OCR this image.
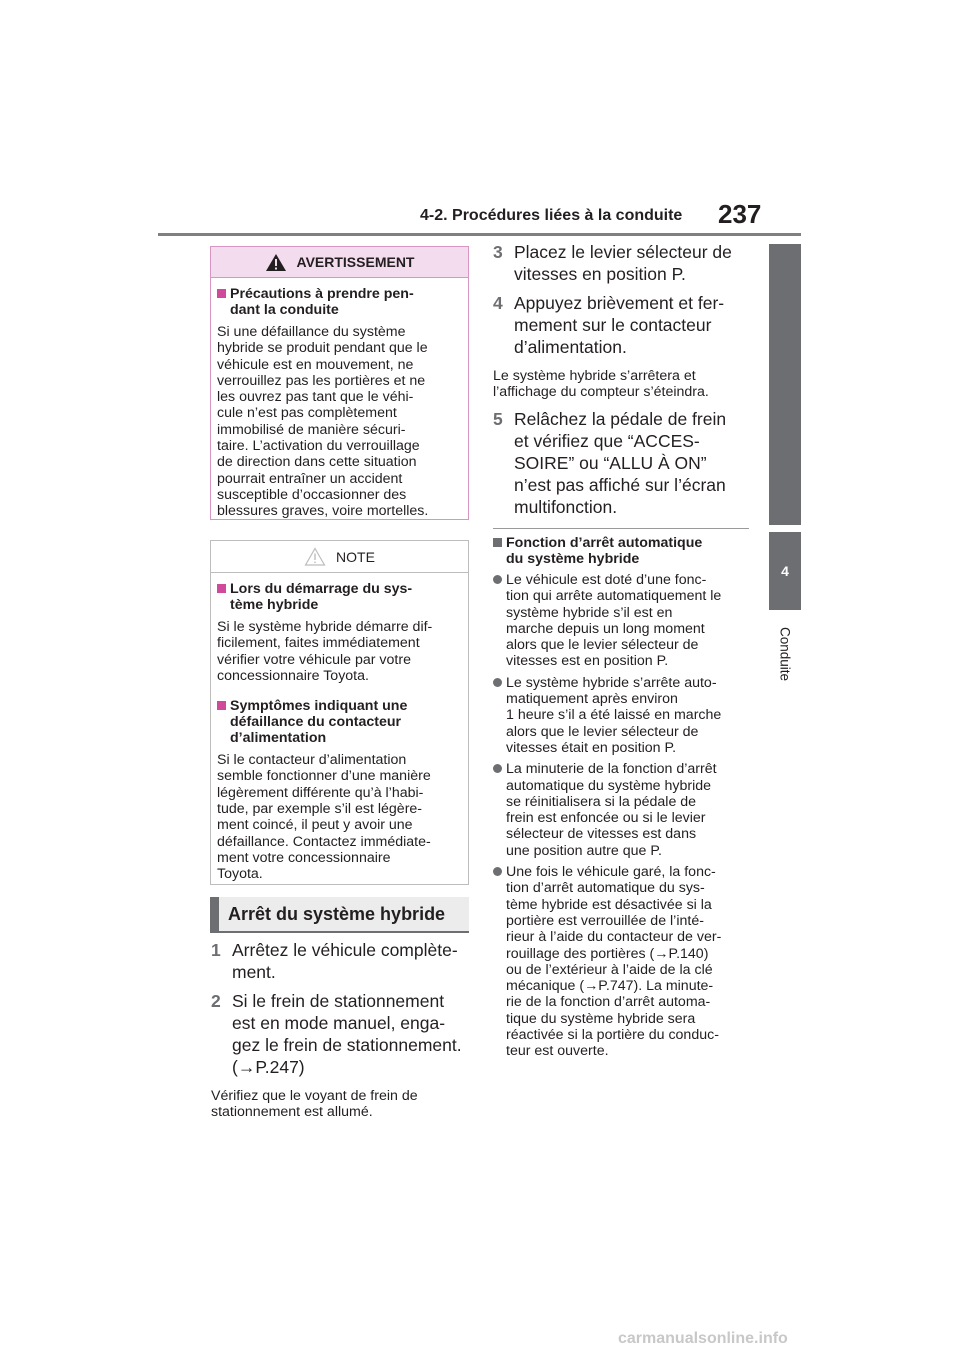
4-2. Procédures liées à la conduite 237
4
Conduite
AVERTISSEMENT
Précautions à prendre pen-
dant la conduite
Si une défaillance du système
hybride se produit pendant que le
véhicule est en mouvement, ne
verrouillez pas les portières et ne
les ouvrez pas tant que le véhi-
cule n’est pas complètement
immobilisé de manière sécuri-
taire. L’activation du verrouillage
de direction dans cette situation
pourrait entraîner un accident
susceptible d’occasionner des
blessures graves, voire mortelles.
NOTE
Lors du démarrage du sys-
tème hybride
Si le système hybride démarre dif-
ficilement, faites immédiatement
vérifier votre véhicule par votre
concessionnaire Toyota.
Symptômes indiquant une
défaillance du contacteur
d’alimentation
Si le contacteur d’alimentation
semble fonctionner d’une manière
légèrement différente qu’à l’habi-
tude, par exemple s’il est légère-
ment coincé, il peut y avoir une
défaillance. Contactez immédiate-
ment votre concessionnaire
Toyota.
Arrêt du système hybride
1 Arrêtez le véhicule complète-
ment.
2 Si le frein de stationnement
est en mode manuel, enga-
gez le frein de stationnement.
(→P.247)
Vérifiez que le voyant de frein de
stationnement est allumé.
3 Placez le levier sélecteur de
vitesses en position P.
4 Appuyez brièvement et fer-
mement sur le contacteur
d’alimentation.
Le système hybride s’arrêtera et
l’affichage du compteur s’éteindra.
5 Relâchez la pédale de frein
et vérifiez que “ACCES-
SOIRE” ou “ALLU À ON”
n’est pas affiché sur l’écran
multifonction.
Fonction d’arrêt automatique
du système hybride
Le véhicule est doté d’une fonc-
tion qui arrête automatiquement le
système hybride s’il est en
marche depuis un long moment
alors que le levier sélecteur de
vitesses est en position P.
Le système hybride s’arrête auto-
matiquement après environ
1 heure s’il a été laissé en marche
alors que le levier sélecteur de
vitesses était en position P.
La minuterie de la fonction d’arrêt
automatique du système hybride
se réinitialisera si la pédale de
frein est enfoncée ou si le levier
sélecteur de vitesses est dans
une position autre que P.
Une fois le véhicule garé, la fonc-
tion d’arrêt automatique du sys-
tème hybride est désactivée si la
portière est verrouillée de l’inté-
rieur à l’aide du contacteur de ver-
rouillage des portières (→P.140)
ou de l’extérieur à l’aide de la clé
mécanique (→P.747). La minute-
rie de la fonction d’arrêt automa-
tique du système hybride sera
réactivée si la portière du conduc-
teur est ouverte.
carmanualsonline.info
